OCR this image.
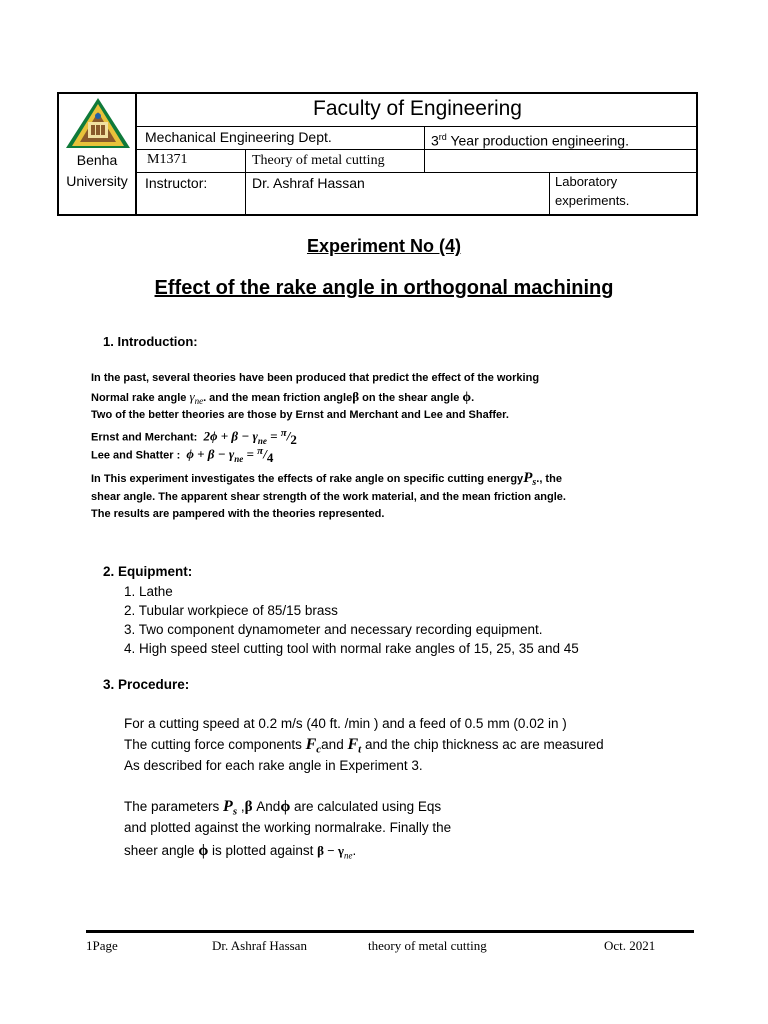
Benha
University
Faculty of Engineering
Mechanical Engineering Dept.	3rd Year production engineering.
M1371	Theory of metal cutting
Instructor:	Dr. Ashraf Hassan	Laboratory
experiments.
Experiment No (4)
Effect of the rake angle in orthogonal machining
1. Introduction:
In the past, several theories have been produced that predict the effect of the working
Normal rake angle $\gamma_{ne}$. and the mean friction angleβ on the shear angle ϕ.
Two of the better theories are those by Ernst and Merchant and Lee and Shaffer.
Ernst and Merchant: $2\phi + \beta - \gamma_{ne} = ^\pi/_2$
Lee and Shatter : $\phi + \beta - \gamma_{ne} = ^\pi/_4$
In This experiment investigates the effects of rake angle on specific cutting energyP$_s$., the
shear angle. The apparent shear strength of the work material, and the mean friction angle.
The results are pampered with the theories represented.
2. Equipment:
1. Lathe
2. Tubular workpiece of 85/15 brass
3. Two component dynamometer and necessary recording equipment.
4. High speed steel cutting tool with normal rake angles of 15, 25, 35 and 45
3. Procedure:
For a cutting speed at 0.2 m/s (40 ft. /min ) and a feed of 0.5 mm (0.02 in )
The cutting force components $F_cand$ $F_t$ and the chip thickness ac are measured
As described for each rake angle in Experiment 3.
The parameters $P_s$ ,β Andϕ are calculated using Eqs
and plotted against the working normalrake. Finally the
sheer angle ϕ is plotted against $\beta - \gamma_{ne}$.
1Page	Dr. Ashraf Hassan	theory of metal cutting	Oct. 2021
